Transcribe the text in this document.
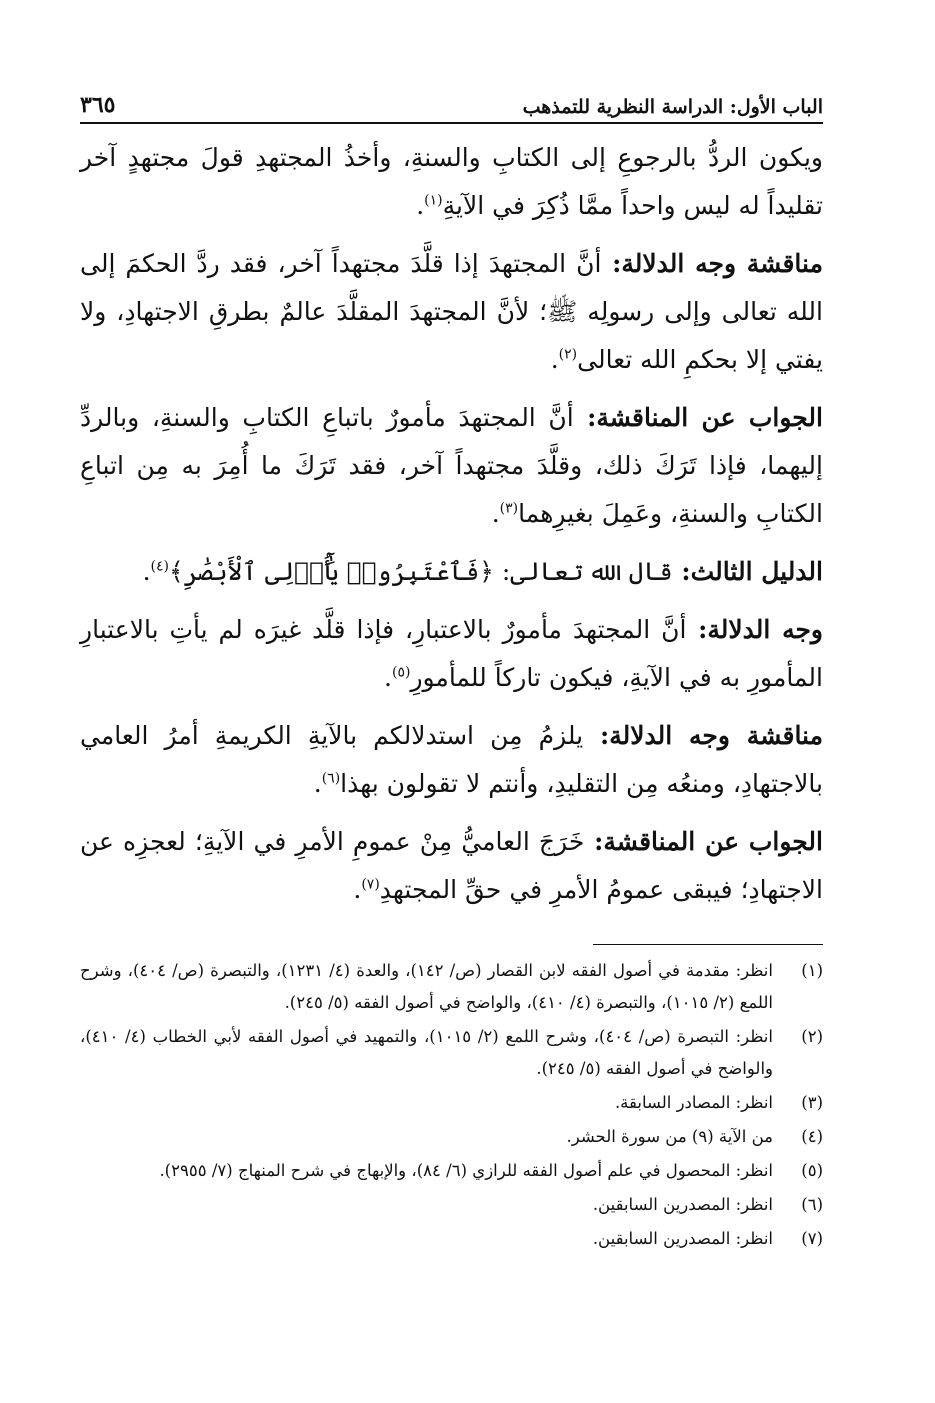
الباب الأول: الدراسة النظرية للتمذهب
٣٦٥

ويكون الردُّ بالرجوعِ إلى الكتابِ والسنةِ، وأخذُ المجتهدِ قولَ مجتهدٍ آخر تقليداً له ليس واحداً ممَّا ذُكِرَ في الآيةِ$^{(١)}$.

مناقشة وجه الدلالة: أنَّ المجتهدَ إذا قلَّدَ مجتهداً آخر، فقد ردَّ الحكمَ إلى الله تعالى وإلى رسولِه ﷺ؛ لأنَّ المجتهدَ المقلَّدَ عالمٌ بطرقِ الاجتهادِ، ولا يفتي إلا بحكمِ الله تعالى$^{(٢)}$.

الجواب عن المناقشة: أنَّ المجتهدَ مأمورٌ باتباعِ الكتابِ والسنةِ، وبالردِّ إليهما، فإذا تَرَكَ ذلك، وقلَّدَ مجتهداً آخر، فقد تَرَكَ ما أُمِرَ به مِن اتباعِ الكتابِ والسنةِ، وعَمِلَ بغيرِهما$^{(٣)}$.

الدليل الثالث: قال الله تعالى: ﴿فَٱعْتَبِرُوا۟ يَٰٓأُو۟لِى ٱلْأَبْصَٰرِ﴾$^{(٤)}$.

وجه الدلالة: أنَّ المجتهدَ مأمورٌ بالاعتبارِ، فإذا قلَّد غيرَه لم يأتِ بالاعتبارِ المأمورِ به في الآيةِ، فيكون تاركاً للمأمورِ$^{(٥)}$.

مناقشة وجه الدلالة: يلزمُ مِن استدلالكم بالآيةِ الكريمةِ أمرُ العامي بالاجتهادِ، ومنعُه مِن التقليدِ، وأنتم لا تقولون بهذا$^{(٦)}$.

الجواب عن المناقشة: خَرَجَ العاميُّ مِنْ عمومِ الأمرِ في الآيةِ؛ لعجزِه عن الاجتهادِ؛ فيبقى عمومُ الأمرِ في حقِّ المجتهدِ$^{(٧)}$.

(١)
انظر: مقدمة في أصول الفقه لابن القصار (ص/ ١٤٢)، والعدة (٤/ ١٢٣١)، والتبصرة (ص/ ٤٠٤)، وشرح اللمع (٢/ ١٠١٥)، والتبصرة (٤/ ٤١٠)، والواضح في أصول الفقه (٥/ ٢٤٥).
(٢)
انظر: التبصرة (ص/ ٤٠٤)، وشرح اللمع (٢/ ١٠١٥)، والتمهيد في أصول الفقه لأبي الخطاب (٤/ ٤١٠)، والواضح في أصول الفقه (٥/ ٢٤٥).
(٣)
انظر: المصادر السابقة.
(٤)
من الآية (٩) من سورة الحشر.
(٥)
انظر: المحصول في علم أصول الفقه للرازي (٦/ ٨٤)، والإبهاج في شرح المنهاج (٧/ ٢٩٥٥).
(٦)
انظر: المصدرين السابقين.
(٧)
انظر: المصدرين السابقين.
